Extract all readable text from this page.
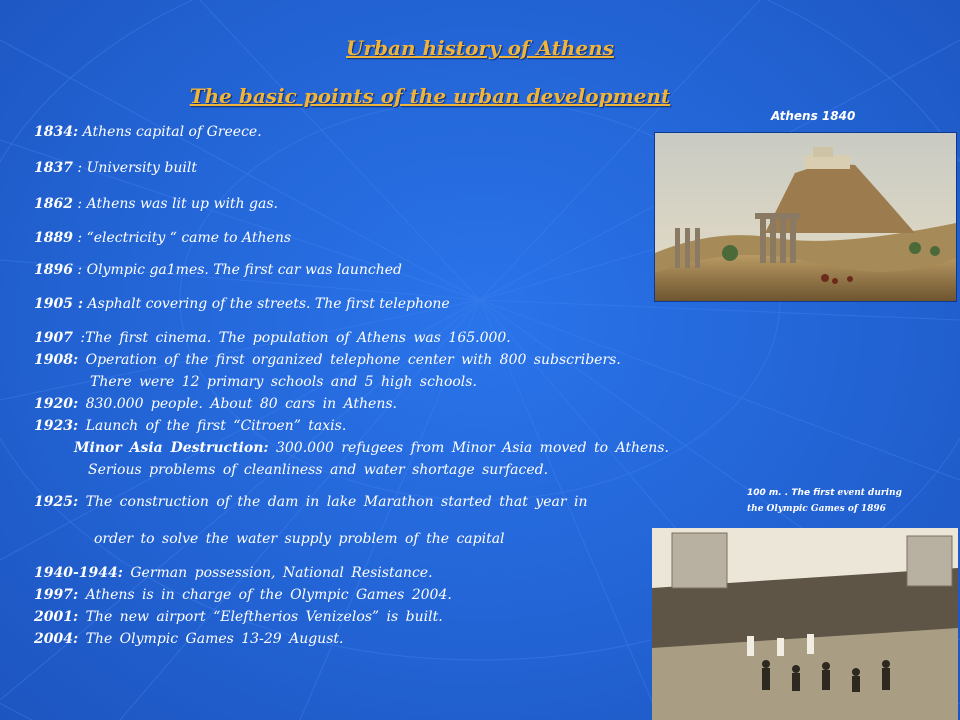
Urban history of Athens
The basic points of the urban development
Athens 1840
100 m. . The first event during
the Olympic Games of 1896
1834: Athens capital of Greece.
1837 : University built
1862 : Athens was lit up with gas.
1889 : “electricity “ came to Athens
1896 : Olympic ga1mes. The first car was launched
1905 : Asphalt covering of the streets. The first telephone
1907 :The first cinema. The population of Athens was 165.000.
1908: Operation of the first organized telephone center with 800 subscribers.
There were 12 primary schools and 5 high schools.
1920: 830.000 people. About 80 cars in Athens.
1923: Launch of the first “Citroen” taxis.
Minor Asia Destruction: 300.000 refugees from Minor Asia moved to Athens.
Serious problems of cleanliness and water shortage surfaced.
1925: The construction of the dam in lake Marathon started that year in
order to solve the water supply problem of the capital
1940-1944: German possession, National Resistance.
1997: Athens is in charge of the Olympic Games 2004.
2001: The new airport “Eleftherios Venizelos” is built.
2004: The Olympic Games 13-29 August.
